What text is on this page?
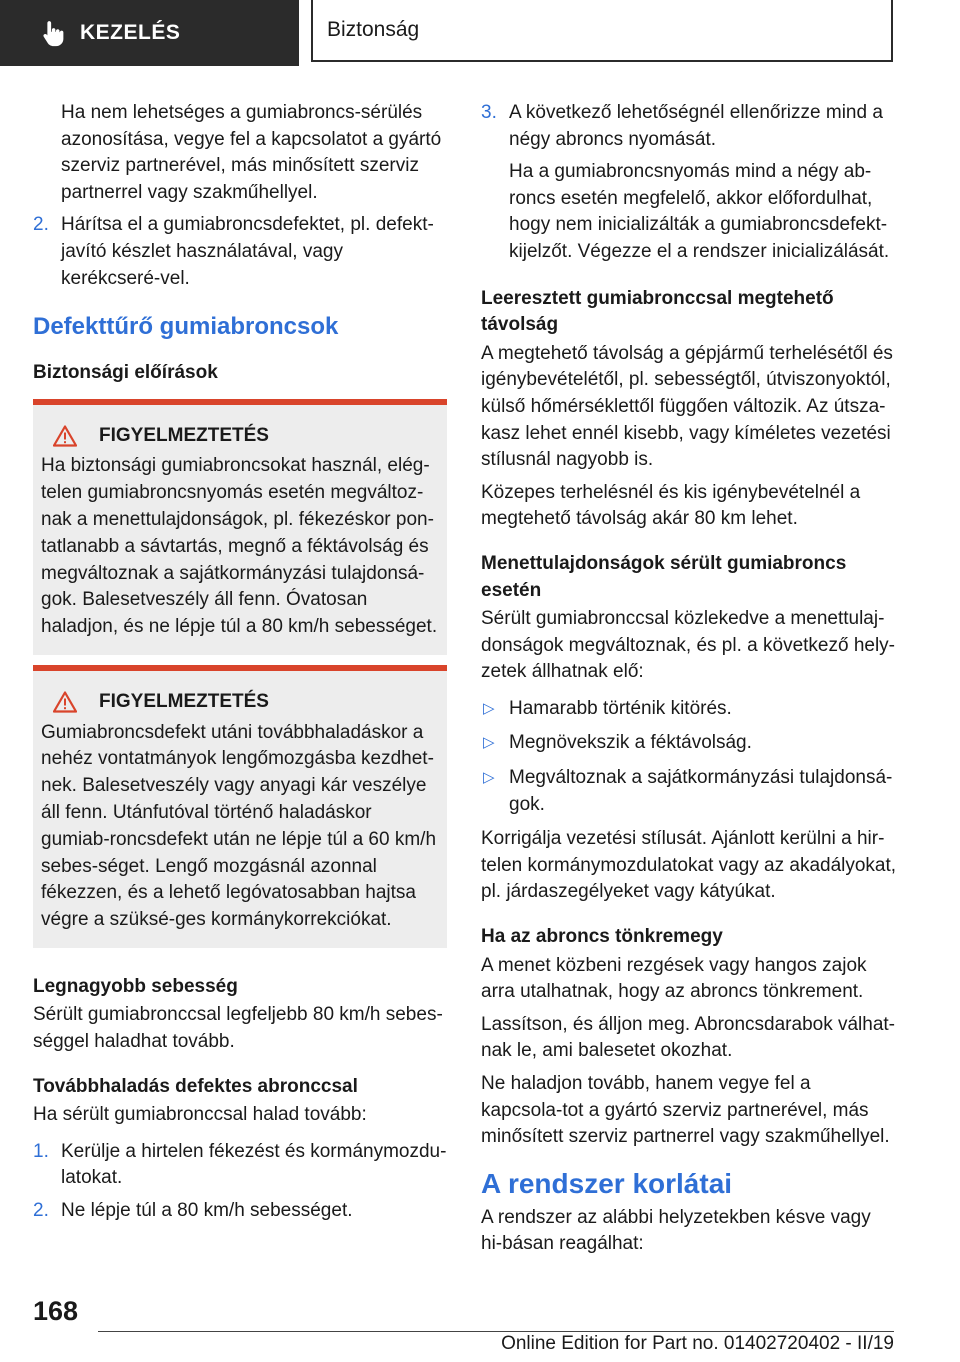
KEZELÉS	Biztonság

Ha nem lehetséges a gumiabroncs-sérülés azonosítása, vegye fel a kapcsolatot a gyártó szerviz partnerével, más minősített szerviz partnerrel vagy szakműhellyel.

2. Hárítsa el a gumiabroncsdefektet, pl. defekt-javító készlet használatával, vagy kerékcseré-vel.
Defekttűrő gumiabroncsok
Biztonsági előírások
FIGYELMEZTETÉS
Ha biztonsági gumiabroncsokat használ, elég-telen gumiabroncsnyomás esetén megváltoz-nak a menettulajdonságok, pl. fékezéskor pon-tatlanabb a sávtartás, megnő a féktávolság és megváltoznak a sajátkormányzási tulajdonsá-gok. Balesetveszély áll fenn. Óvatosan haladjon, és ne lépje túl a 80 km/h sebességet.
FIGYELMEZTETÉS
Gumiabroncsdefekt utáni továbbhaladáskor a nehéz vontatmányok lengőmozgásba kezdhet-nek. Balesetveszély vagy anyagi kár veszélye áll fenn. Utánfutóval történő haladáskor gumiab-roncsdefekt után ne lépje túl a 60 km/h sebes-séget. Lengő mozgásnál azonnal fékezzen, és a lehető legóvatosabban hajtsa végre a szüksé-ges kormánykorrekciókat.
Legnagyobb sebesség

Sérült gumiabronccsal legfeljebb 80 km/h sebes-séggel haladhat tovább.

Továbbhaladás defektes abronccsal

Ha sérült gumiabronccsal halad tovább:

1. Kerülje a hirtelen fékezést és kormánymozdu-latokat.
2. Ne lépje túl a 80 km/h sebességet.
3. A következő lehetőségnél ellenőrizze mind a négy abroncs nyomását.

Ha a gumiabroncsnyomás mind a négy ab-roncs esetén megfelelő, akkor előfordulhat, hogy nem inicializálták a gumiabroncsdefekt-kijelzőt. Végezze el a rendszer inicializálását.

Leeresztett gumiabronccsal megtehető távolság

A megtehető távolság a gépjármű terhelésétől és igénybevételétől, pl. sebességtől, útviszonyoktól, külső hőmérséklettől függően változik. Az útsza-kasz lehet ennél kisebb, vagy kíméletes vezetési stílusnál nagyobb is.

Közepes terhelésnél és kis igénybevételnél a megtehető távolság akár 80 km lehet.

Menettulajdonságok sérült gumiabroncs esetén

Sérült gumiabronccsal közlekedve a menettulaj-donságok megváltoznak, és pl. a következő hely-zetek állhatnak elő:

▷ Hamarabb történik kitörés.
▷ Megnövekszik a féktávolság.
▷ Megváltoznak a sajátkormányzási tulajdonsá-gok.

Korrigálja vezetési stílusát. Ajánlott kerülni a hir-telen kormánymozdulatokat vagy az akadályokat, pl. járdaszegélyeket vagy kátyúkat.

Ha az abroncs tönkremegy

A menet közbeni rezgések vagy hangos zajok arra utalhatnak, hogy az abroncs tönkrement.

Lassítson, és álljon meg. Abroncsdarabok válhat-nak le, ami balesetet okozhat.

Ne haladjon tovább, hanem vegye fel a kapcsola-tot a gyártó szerviz partnerével, más minősített szerviz partnerrel vagy szakműhellyel.

A rendszer korlátai

A rendszer az alábbi helyzetekben késve vagy hi-básan reagálhat:

168
Online Edition for Part no. 01402720402 - II/19
